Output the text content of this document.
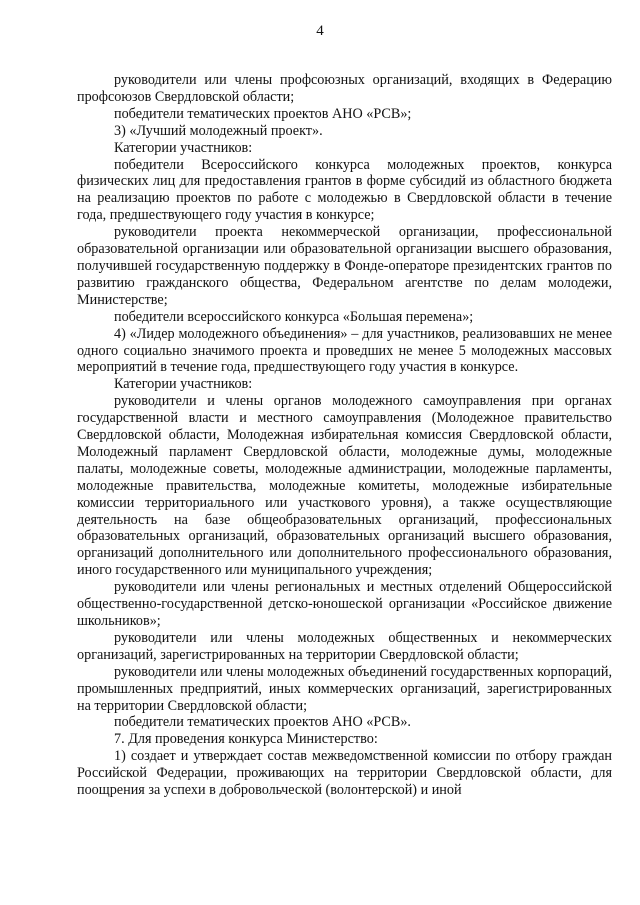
4

руководители или члены профсоюзных организаций, входящих в Федерацию профсоюзов Свердловской области;

победители тематических проектов АНО «РСВ»;

3) «Лучший молодежный проект».

Категории участников:

победители Всероссийского конкурса молодежных проектов, конкурса физических лиц для предоставления грантов в форме субсидий из областного бюджета на реализацию проектов по работе с молодежью в Свердловской области в течение года, предшествующего году участия в конкурсе;

руководители проекта некоммерческой организации, профессиональной образовательной организации или образовательной организации высшего образования, получившей государственную поддержку в Фонде-операторе президентских грантов по развитию гражданского общества, Федеральном агентстве по делам молодежи, Министерстве;

победители всероссийского конкурса «Большая перемена»;

4) «Лидер молодежного объединения» – для участников, реализовавших не менее одного социально значимого проекта и проведших не менее 5 молодежных массовых мероприятий в течение года, предшествующего году участия в конкурсе.

Категории участников:

руководители и члены органов молодежного самоуправления при органах государственной власти и местного самоуправления (Молодежное правительство Свердловской области, Молодежная избирательная комиссия Свердловской области, Молодежный парламент Свердловской области, молодежные думы, молодежные палаты, молодежные советы, молодежные администрации, молодежные парламенты, молодежные правительства, молодежные комитеты, молодежные избирательные комиссии территориального или участкового уровня), а также осуществляющие деятельность на базе общеобразовательных организаций, профессиональных образовательных организаций, образовательных организаций высшего образования, организаций дополнительного или дополнительного профессионального образования, иного государственного или муниципального учреждения;

руководители или члены региональных и местных отделений Общероссийской общественно-государственной детско-юношеской организации «Российское движение школьников»;

руководители или члены молодежных общественных и некоммерческих организаций, зарегистрированных на территории Свердловской области;

руководители или члены молодежных объединений государственных корпораций, промышленных предприятий, иных коммерческих организаций, зарегистрированных на территории Свердловской области;

победители тематических проектов АНО «РСВ».

7. Для проведения конкурса Министерство:

1) создает и утверждает состав межведомственной комиссии по отбору граждан Российской Федерации, проживающих на территории Свердловской области, для поощрения за успехи в добровольческой (волонтерской) и иной
